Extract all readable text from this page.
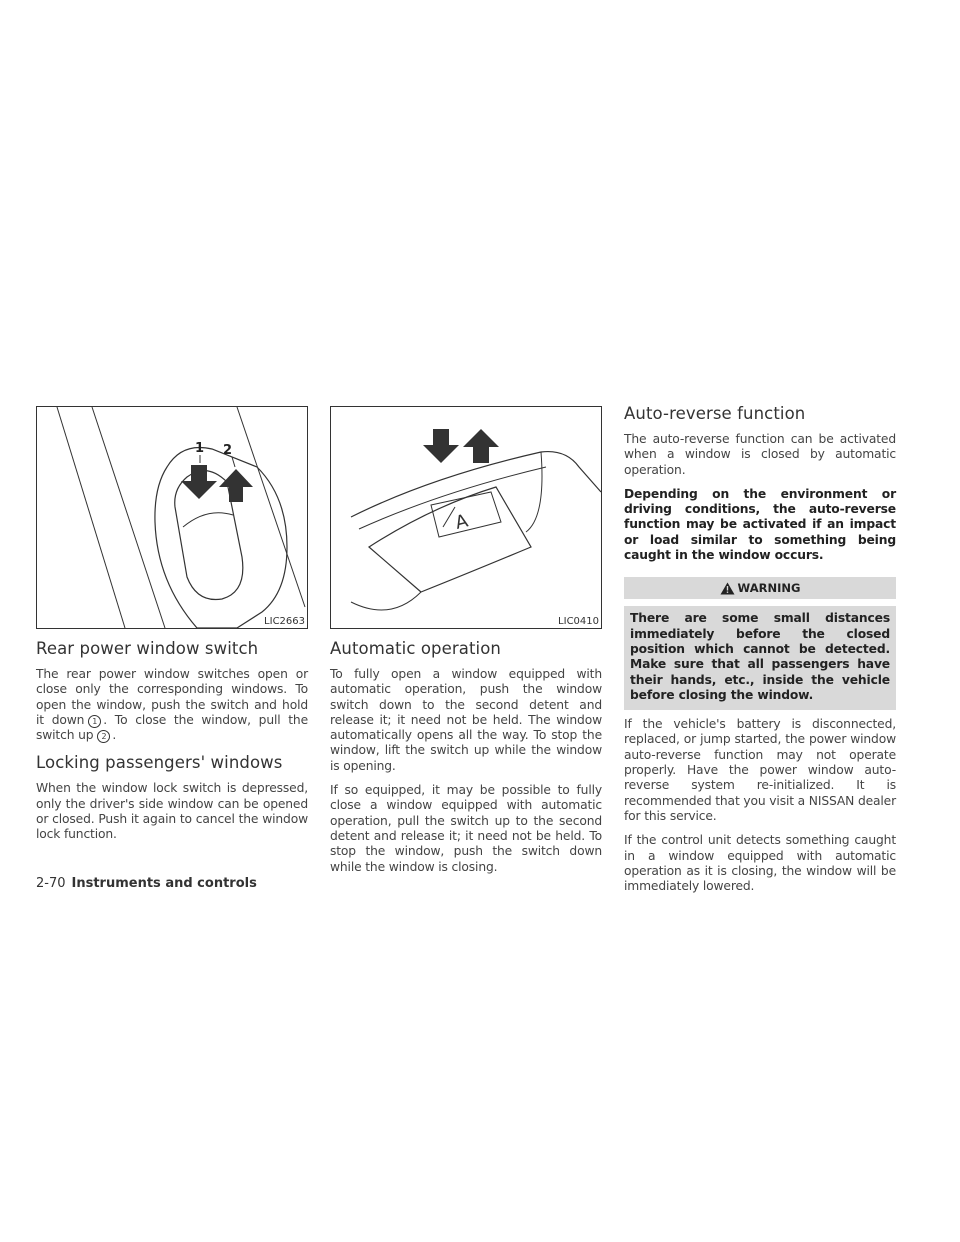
1 2
LIC2663
Rear power window switch

The rear power window switches open or close only the corresponding windows. To open the window, push the switch and hold it down 1 . To close the window, pull the switch up 2 .

Locking passengers' windows

When the window lock switch is depressed, only the driver's side window can be opened or closed. Push it again to cancel the window lock function.

A
LIC0410
Automatic operation

To fully open a window equipped with automatic operation, push the window switch down to the second detent and release it; it need not be held. The window automatically opens all the way. To stop the window, lift the switch up while the window is opening.

If so equipped, it may be possible to fully close a window equipped with automatic operation, pull the switch up to the second detent and release it; it need not be held. To stop the window, push the switch down while the window is closing.

Auto-reverse function

The auto-reverse function can be activated when a window is closed by automatic operation.

Depending on the environment or driving conditions, the auto-reverse function may be activated if an impact or load similar to something being caught in the window occurs.

WARNING
There are some small distances immediately before the closed position which cannot be detected. Make sure that all passengers have their hands, etc., inside the vehicle before closing the window.

If the vehicle's battery is disconnected, replaced, or jump started, the power window auto-reverse function may not operate properly. Have the power window auto-reverse system re-initialized. It is recommended that you visit a NISSAN dealer for this service.

If the control unit detects something caught in a window equipped with automatic operation as it is closing, the window will be immediately lowered.

2-70 Instruments and controls
